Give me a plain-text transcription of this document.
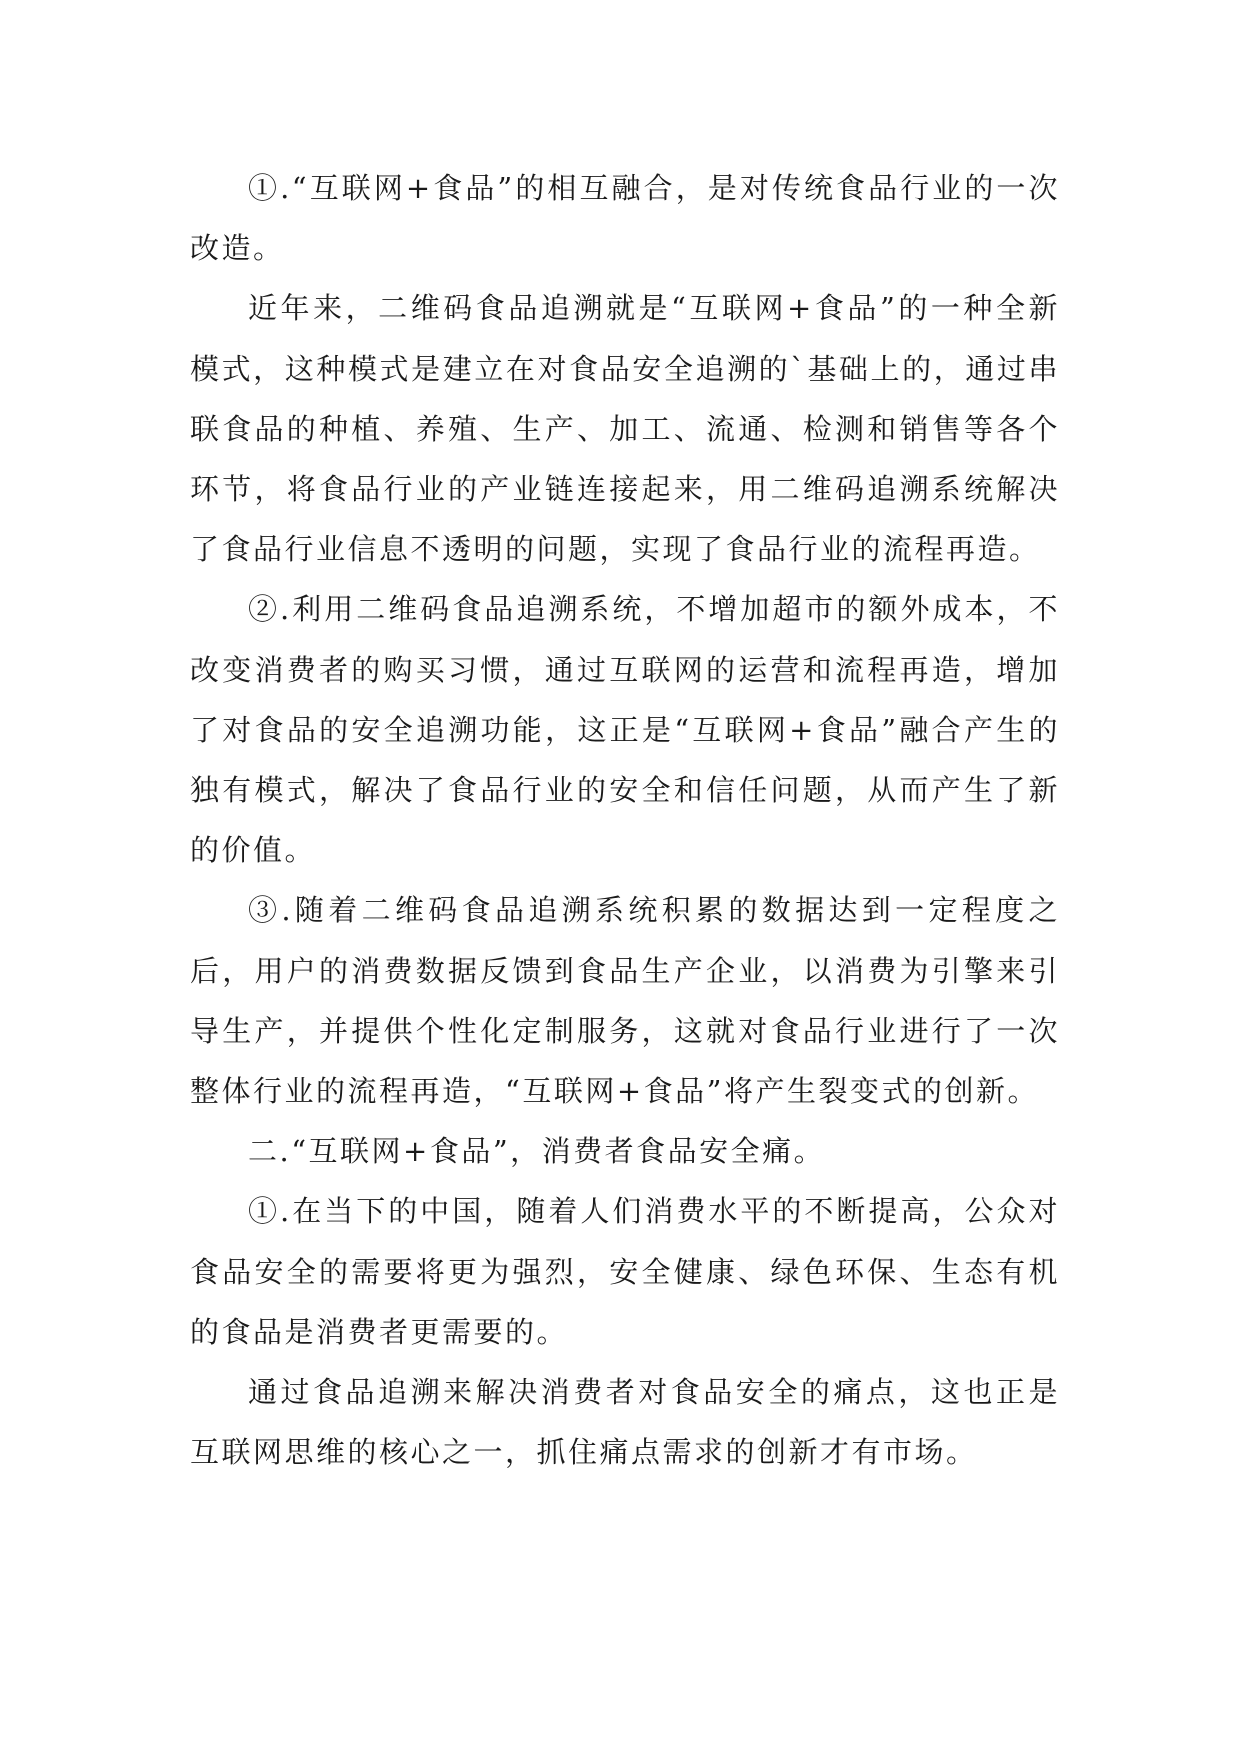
①.“互联网+食品”的相互融合，是对传统食品行业的一次改造。

近年来，二维码食品追溯就是“互联网+食品”的一种全新模式，这种模式是建立在对食品安全追溯的`基础上的，通过串联食品的种植、养殖、生产、加工、流通、检测和销售等各个环节，将食品行业的产业链连接起来，用二维码追溯系统解决了食品行业信息不透明的问题，实现了食品行业的流程再造。

②.利用二维码食品追溯系统，不增加超市的额外成本，不改变消费者的购买习惯，通过互联网的运营和流程再造，增加了对食品的安全追溯功能，这正是“互联网+食品”融合产生的独有模式，解决了食品行业的安全和信任问题，从而产生了新的价值。

③.随着二维码食品追溯系统积累的数据达到一定程度之后，用户的消费数据反馈到食品生产企业，以消费为引擎来引导生产，并提供个性化定制服务，这就对食品行业进行了一次整体行业的流程再造，“互联网+食品”将产生裂变式的创新。

二.“互联网+食品”，消费者食品安全痛。

①.在当下的中国，随着人们消费水平的不断提高，公众对食品安全的需要将更为强烈，安全健康、绿色环保、生态有机的食品是消费者更需要的。

通过食品追溯来解决消费者对食品安全的痛点，这也正是互联网思维的核心之一，抓住痛点需求的创新才有市场。
